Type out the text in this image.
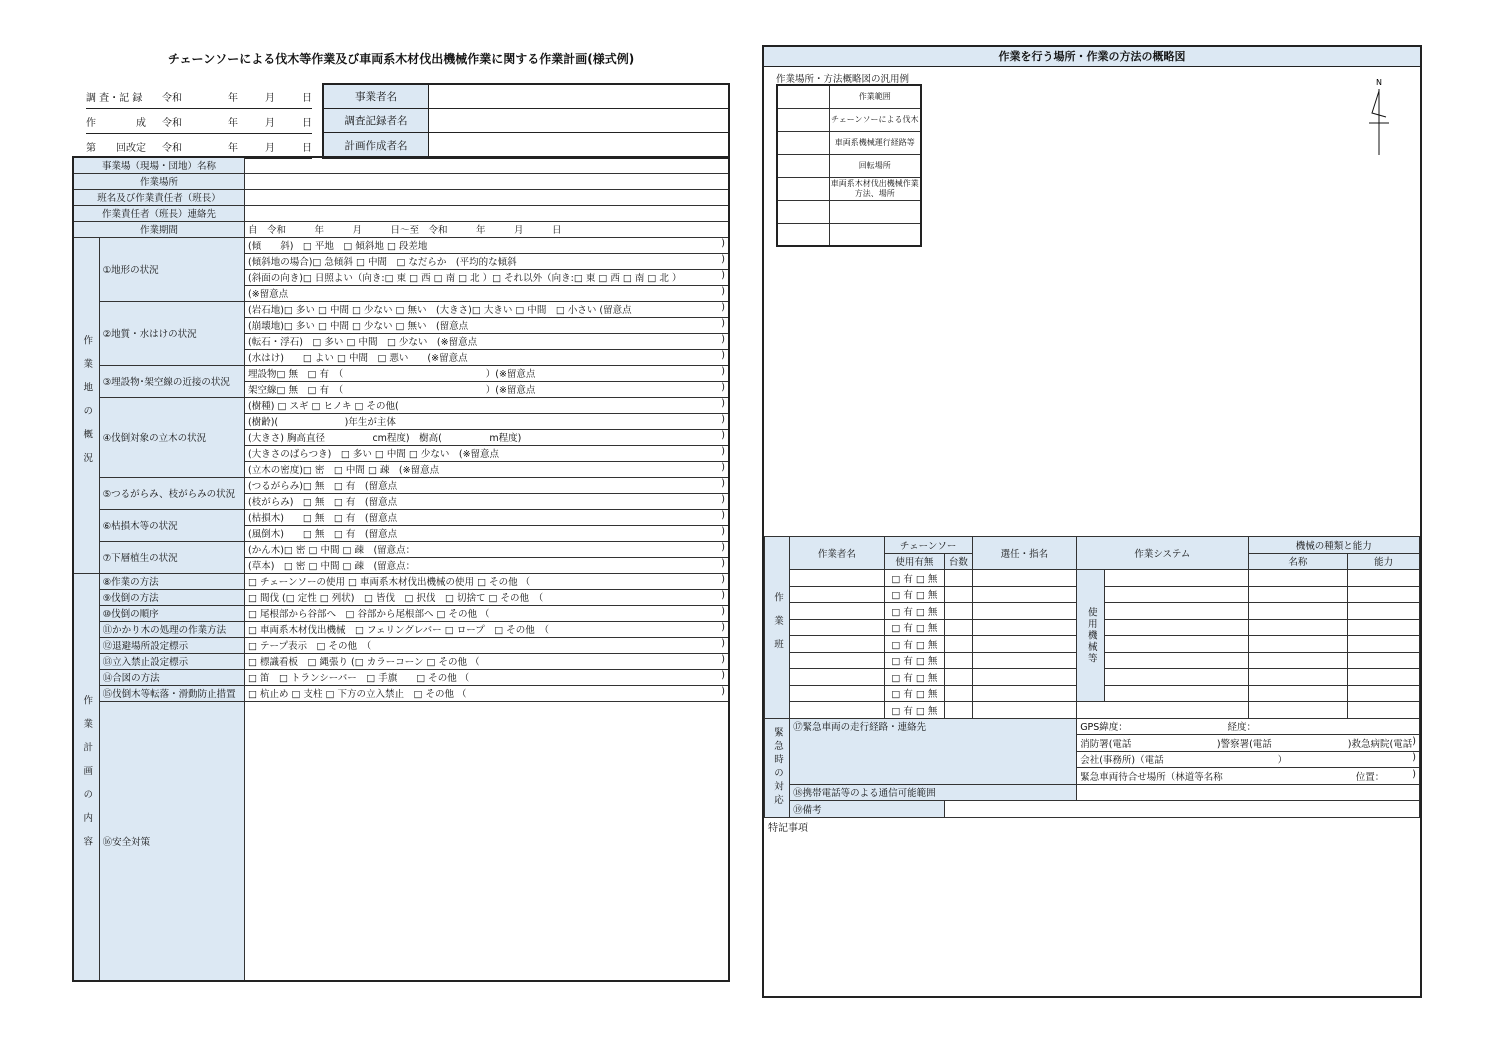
チェーンソーによる伐木等作業及び車両系木材伐出機械作業に関する作業計画(様式例)
調 査・記 録	令和	年	月	日
作　　　　成	令和	年	月	日
第　　回改定	令和	年	月	日
事業者名
調査記録者名
計画作成者名
事業場（現場・団地）名称		
作業場所		
班名及び作業責任者（班長）		
作業責任者（班長）連絡先		
作業期間		自　令和　　　年　　　月　　　日～至　令和　　　年　　　月　　　日
作業地の概況	①地形の状況	(傾　　斜)　□ 平地　□ 傾斜地 □ 段差地 )

		(傾斜地の場合)□ 急傾斜 □ 中間　□ なだらか　(平均的な傾斜 )

		(斜面の向き)□ 日照よい（向き:□ 東 □ 西 □ 南 □ 北 ）□ それ以外（向き:□ 東 □ 西 □ 南 □ 北 ） )

		(※留意点 )

	②地質・水はけの状況	(岩石地)□ 多い □ 中間 □ 少ない □ 無い　(大きさ)□ 大きい □ 中間　□ 小さい (留意点 )

		(崩壊地)□ 多い □ 中間 □ 少ない □ 無い　(留意点 )

		(転石・浮石)　□ 多い □ 中間　□ 少ない　(※留意点 )

		(水はけ)　　□ よい □ 中間　□ 悪い　　(※留意点 )

	③埋設物･架空線の近接の状況	埋設物□ 無　□ 有　（　　　　　　　　　　　　　　　）(※留意点 )

		架空線□ 無　□ 有　（　　　　　　　　　　　　　　　）(※留意点 )

	④伐倒対象の立木の状況	(樹種) □ スギ □ ヒノキ □ その他( )

		(樹齢)(　　　　　　　)年生が主体 )

		(大きさ) 胸高直径　　　　　cm程度)　樹高(　　　　　m程度) )

		(大きさのばらつき)　□ 多い □ 中間 □ 少ない　(※留意点 )

		(立木の密度)□ 密　□ 中間 □ 疎　(※留意点 )

	⑤つるがらみ、枝がらみの状況	(つるがらみ)□ 無　□ 有　(留意点 )

		(枝がらみ)　□ 無　□ 有　(留意点 )

	⑥枯損木等の状況	(枯損木)　　□ 無　□ 有　(留意点 )

		(風倒木)　　□ 無　□ 有　(留意点 )

	⑦下層植生の状況	(かん木)□ 密 □ 中間 □ 疎　(留意点： )

		(草本)　□ 密 □ 中間 □ 疎　(留意点： )

作業計画の内容	⑧作業の方法	□ チェーンソーの使用 □ 車両系木材伐出機械の使用 □ その他 （ )

	⑨伐倒の方法	□ 間伐 (□ 定性 □ 列状)　□ 皆伐　□ 択伐　□ 切捨て □ その他　（ )

	⑩伐倒の順序	□ 尾根部から谷部へ　□ 谷部から尾根部へ □ その他 （ )

	⑪かかり木の処理の作業方法	□ 車両系木材伐出機械　□ フェリングレバー □ ロープ　□ その他　（ )

	⑫退避場所設定標示	□ テープ表示　□ その他　（ )

	⑬立入禁止設定標示	□ 標識看板　□ 縄張り (□ カラーコーン □ その他 （ )

	⑭合図の方法	□ 笛　□ トランシーバー　□ 手旗　　□ その他 （ )

	⑮伐倒木等転落・滑動防止措置	□ 杭止め □ 支柱 □ 下方の立入禁止　□ その他 （ )

	⑯安全対策	
作業を行う場所・作業の方法の概略図
作業場所・方法概略図の汎用例
	作業範囲
	チェーンソーによる伐木
	車両系機械運行経路等
	回転場所
	車両系木材伐出機械作業方法、場所

N
作業班	作業者名	チェーンソー		選任・指名	作業システム		機械の種類と能力	
		使用有無	台数				名称	能力
		□ 有 □ 無			使用機械等			
		□ 有 □ 無						
		□ 有 □ 無						
		□ 有 □ 無						
		□ 有 □ 無						
		□ 有 □ 無						
		□ 有 □ 無						
		□ 有 □ 無						
		□ 有 □ 無						
緊急時の対応	⑰緊急車両の走行経路・連絡先				GPS緯度：　　　　　　　　　　　経度：			

					消防署(電話　　　　　　　　　)警察署(電話　　　　　　　　)救急病院(電話 )			

					会社(事務所)（電話　　　　　　　　　　　　） )			

					緊急車両待合せ場所（林道等名称　　　　　　　　　　　　　　位置： )			

	⑱携帯電話等のよる通信可能範囲							
	⑲備考							
特記事項
